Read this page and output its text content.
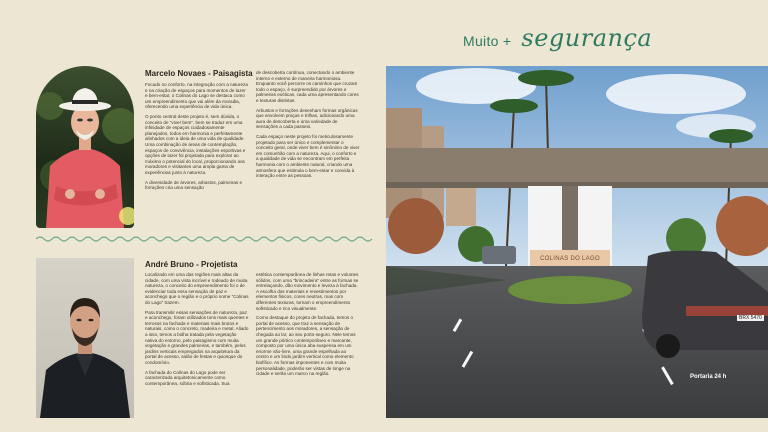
Muito + segurança
Marcelo Novaes - Paisagista

Focado no conforto, na integração com a natureza e na criação de espaços para momentos de lazer e bem-estar, o Colinas do Lago se destaca como um empreendimento que vai além da moradia, oferecendo uma experiência de vida única.

O ponto central deste projeto é, sem dúvida, o conceito de "viver bem", bem se traduz em uma infinidade de espaços cuidadosamente planejados, todos em harmonia e perfeitamente alinhados com a ideia de uma vida de qualidade. Uma combinação de áreas de contemplação, espaços de convivência, instalações esportivas e opções de lazer foi projetada para explorar ao máximo o potencial do local, proporcionando aos moradores e visitantes uma ampla gama de experiências junto à natureza.

A diversidade de árvores, arbustos, palmeiras e forrações cria uma sensação

de descoberta contínua, conectando o ambiente interno e externo de maneira harmoniosa. Enquanto você percorre os caminhos que cruzam todo o espaço, é surpreendido por árvores e palmeiras exóticas, cada uma apresentando cores e texturas distintas.

Arbustos e forrações desenham formas orgânicas que envolvem praças e trilhas, adicionando uma aura de descoberta e uma variedade de sensações a cada passeio.

Cada espaço neste projeto foi meticulosamente projetado para ser único e complementar o conceito geral, onde viver bem é sinônimo de viver em comunhão com a natureza. Aqui, o conforto e a qualidade de vida se encontram em perfeita harmonia com o ambiente natural, criando uma atmosfera que estimula o bem-estar e convida à interação entre as pessoas.

André Bruno - Projetista

Localizado em uma das regiões mais altas da cidade, com uma vista incrível e rodeado de muita natureza, o conceito do empreendimento foi o de evidenciar toda essa sensação de paz e aconchego que o região e o próprio nome "Colinas do Lago" trazem.

Para transmitir essas sensações de natureza, paz e aconchego, foram utilizados tons mais quentes e terrosos na fachada e materiais mais brutos e naturais, como o concreto, madeira e metal. Aliado a isso, temos a bolha tratada pela vegetação nativa do entorno, pelo paisagismo com muita vegetação e grandes palmeiras, e também, pelos jardins verticais empregados na arquitetura da portal de acesso, salão de festas e quiosque do condomínio.

A fachada do Colinas do Lago pode ser caracterizada arquitetonicamente como contemporânea, sóbria e sofisticada. Sua

estética contemporânea de linhas retas e volumes sólidos, com uma "brincadeira" entre as formas se entrelaçando, dão movimento e leveza à fachada. A escolha dos materiais e revestimentos por elementos físicos, cores neutras, mas com diferentes texturas, tornam o empreendimento sofisticado e rico visualmente.

Como destaque do projeto de fachada, temos o portal de acesso, que traz a sensação de pertencimento aos moradores, a sensação de chegada ao lar, ao seu porto-seguro. Nele temos um grande pórtico contemporâneo e marcante, composto por uma única aba suspensa em um enorme vão-livre, uma grande espelhada ao centro e um lindo jardim vertical como elemento biofílico. As formas imponentes e com muita personalidade, poderão ser vistas de longe na cidade e serão um marco na região.

COLINAS DO LAGO
BRX 5470
Portaria 24 h
